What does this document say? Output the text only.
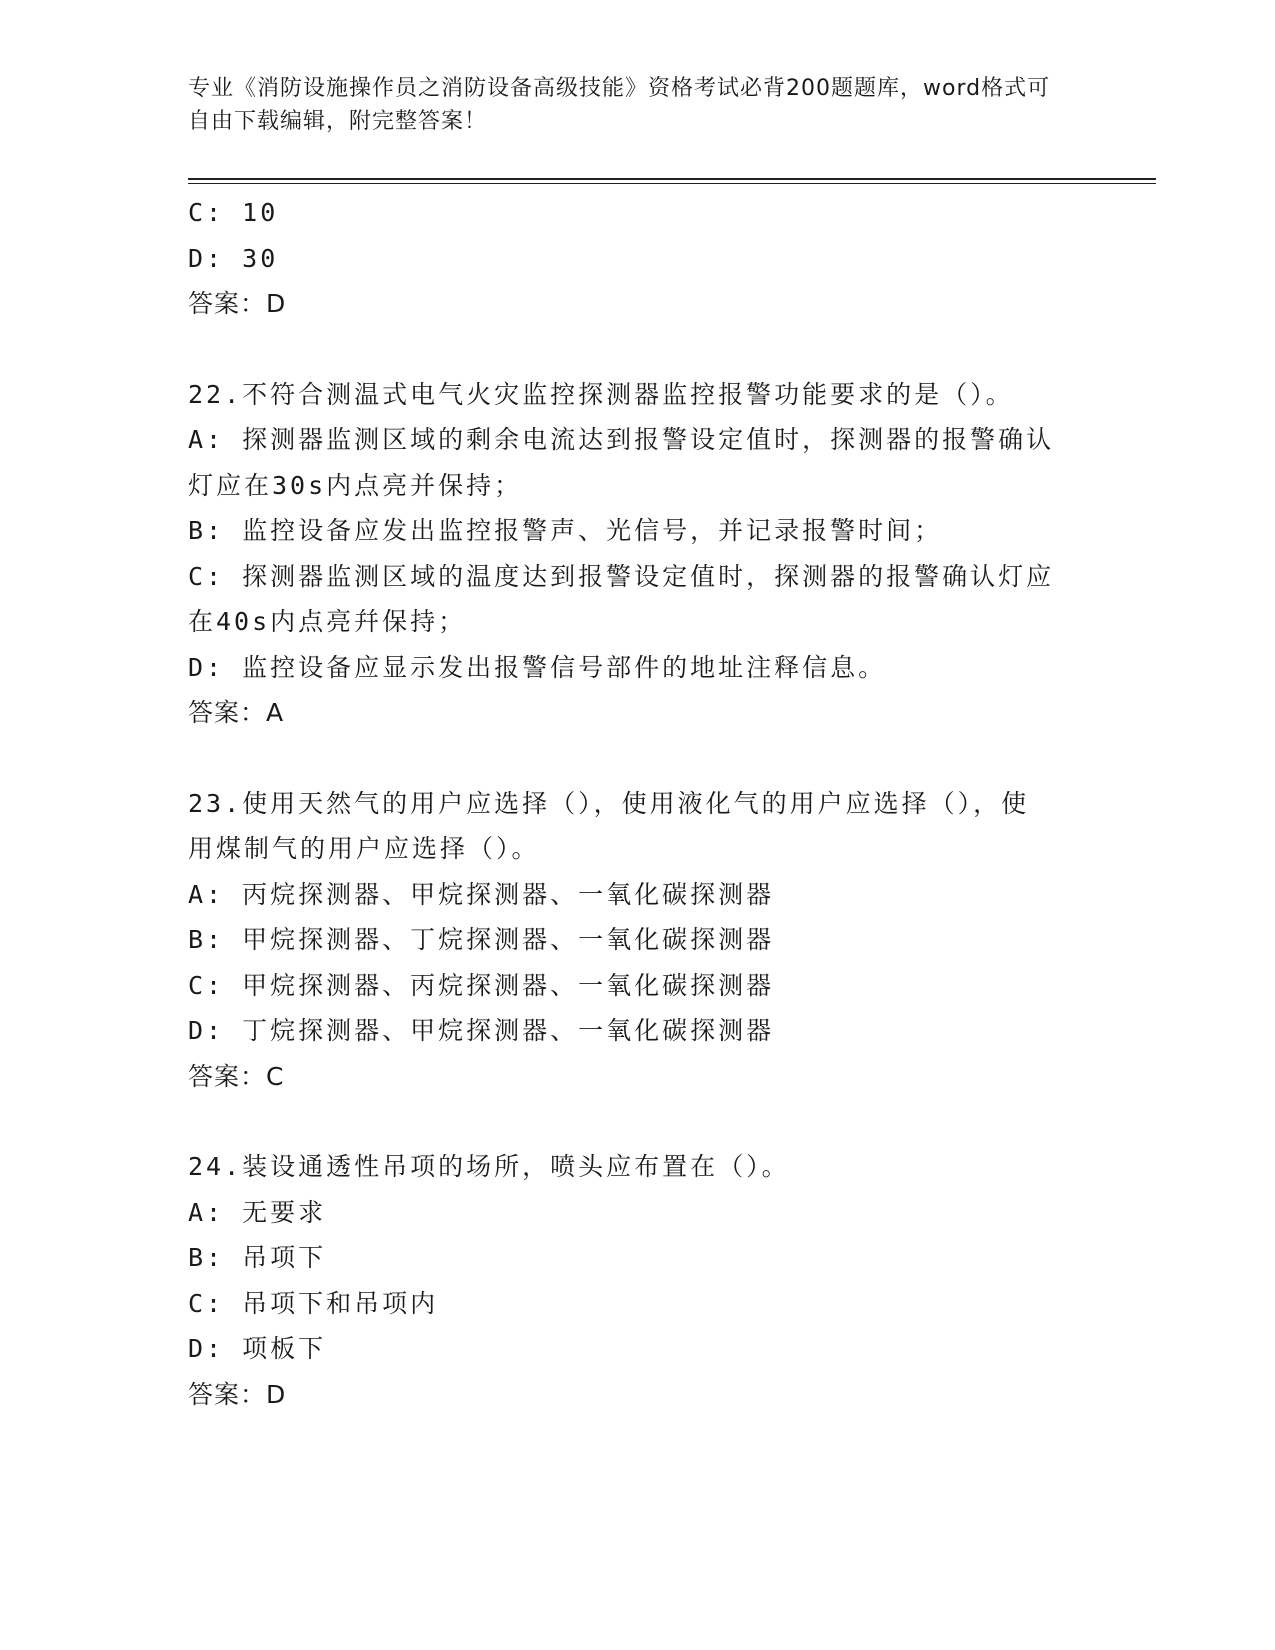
专业《消防设施操作员之消防设备高级技能》资格考试必背200题题库，word格式可自由下载编辑，附完整答案！
C: 10
D: 30
答案：D
22.不符合测温式电气火灾监控探测器监控报警功能要求的是（）。
A: 探测器监测区域的剩余电流达到报警设定值时，探测器的报警确认
灯应在30s内点亮并保持；
B: 监控设备应发出监控报警声、光信号，并记录报警时间；
C: 探测器监测区域的温度达到报警设定值时，探测器的报警确认灯应
在40s内点亮幷保持；
D: 监控设备应显示发出报警信号部件的地址注释信息。
答案：A
23.使用天然气的用户应选择（），使用液化气的用户应选择（），使
用煤制气的用户应选择（）。
A: 丙烷探测器、甲烷探测器、一氧化碳探测器
B: 甲烷探测器、丁烷探测器、一氧化碳探测器
C: 甲烷探测器、丙烷探测器、一氧化碳探测器
D: 丁烷探测器、甲烷探测器、一氧化碳探测器
答案：C
24.装设通透性吊项的场所，喷头应布置在（）。
A: 无要求
B: 吊项下
C: 吊项下和吊项内
D: 项板下
答案：D
